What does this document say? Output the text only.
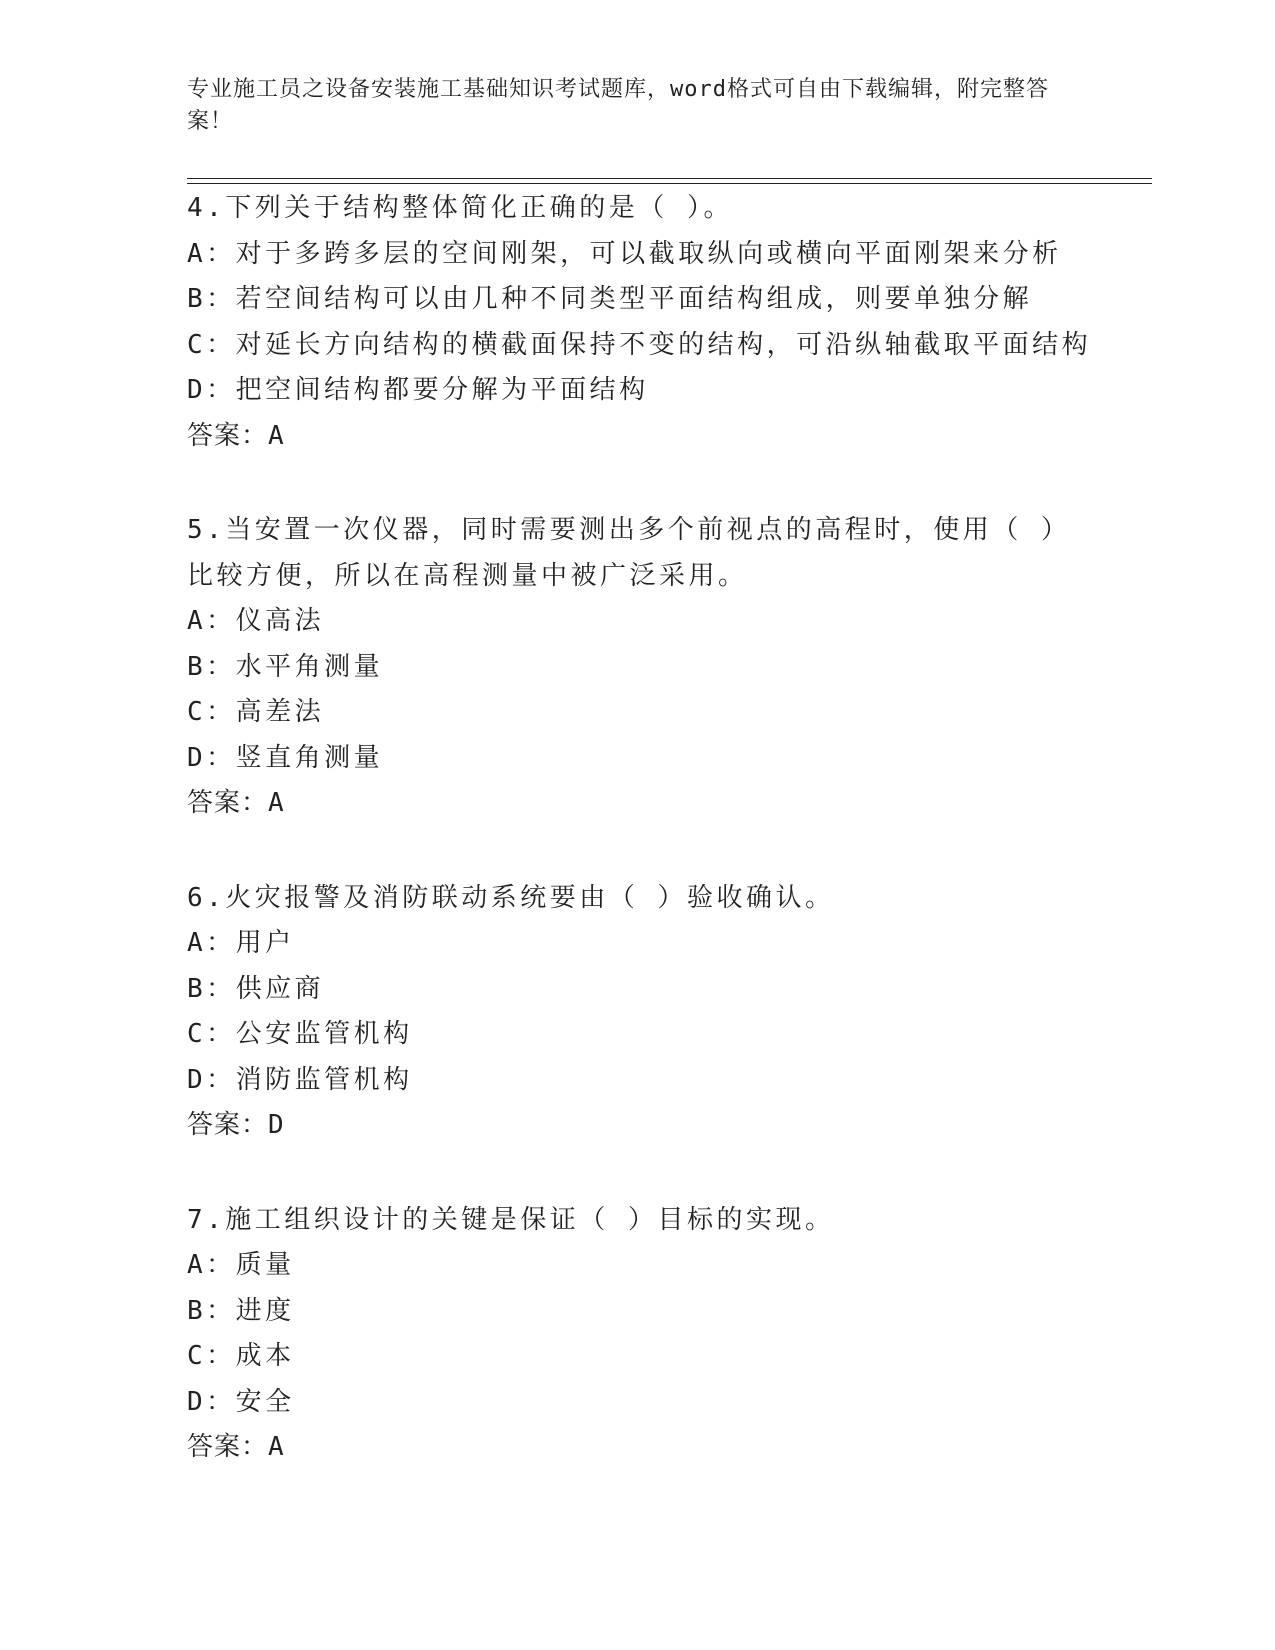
专业施工员之设备安装施工基础知识考试题库，word格式可自由下载编辑，附完整答案！
4.下列关于结构整体简化正确的是（ ）。
A：对于多跨多层的空间刚架，可以截取纵向或横向平面刚架来分析
B：若空间结构可以由几种不同类型平面结构组成，则要单独分解
C：对延长方向结构的横截面保持不变的结构，可沿纵轴截取平面结构
D：把空间结构都要分解为平面结构
答案：A
5.当安置一次仪器，同时需要测出多个前视点的高程时，使用（ ）比较方便，所以在高程测量中被广泛采用。
A：仪高法
B：水平角测量
C：高差法
D：竖直角测量
答案：A
6.火灾报警及消防联动系统要由（ ）验收确认。
A：用户
B：供应商
C：公安监管机构
D：消防监管机构
答案：D
7.施工组织设计的关键是保证（ ）目标的实现。
A：质量
B：进度
C：成本
D：安全
答案：A
